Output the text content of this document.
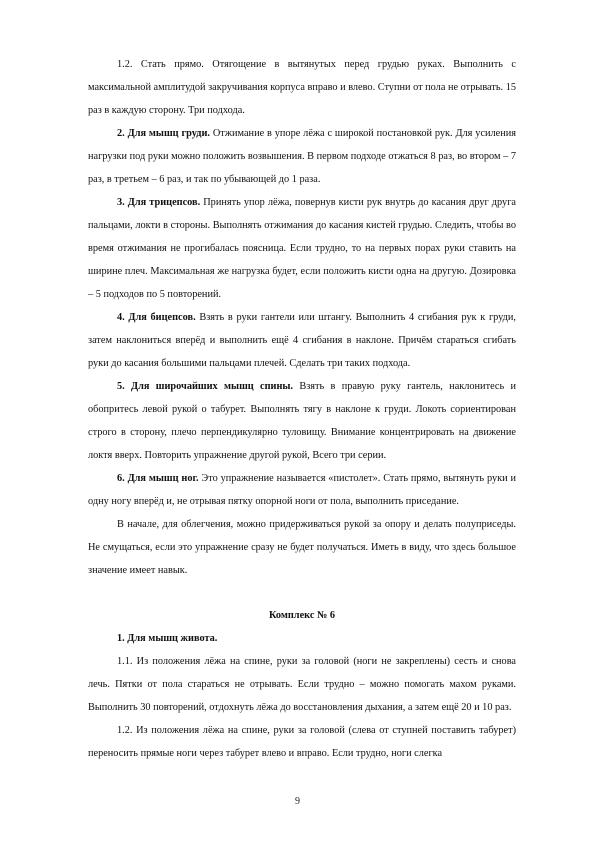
1.2. Стать прямо. Отягощение в вытянутых перед грудью руках. Выполнить с максимальной амплитудой закручивания корпуса вправо и влево. Ступни от пола не отрывать. 15 раз в каждую сторону. Три подхода.

2. Для мышц груди. Отжимание в упоре лёжа с широкой постановкой рук. Для усиления нагрузки под руки можно положить возвышения. В первом подходе отжаться 8 раз, во втором – 7 раз, в третьем – 6 раз, и так по убывающей до 1 раза.

3. Для трицепсов. Принять упор лёжа, повернув кисти рук внутрь до касания друг друга пальцами, локти в стороны. Выполнять отжимания до касания кистей грудью. Следить, чтобы во время отжимания не прогибалась поясница. Если трудно, то на первых порах руки ставить на ширине плеч. Максимальная же нагрузка будет, если положить кисти одна на другую. Дозировка – 5 подходов по 5 повторений.

4. Для бицепсов. Взять в руки гантели или штангу. Выполнить 4 сгибания рук к груди, затем наклониться вперёд и выполнить ещё 4 сгибания в наклоне. Причём стараться сгибать руки до касания большими пальцами плечей. Сделать три таких подхода.

5. Для широчайших мышц спины. Взять в правую руку гантель, наклонитесь и обопритесь левой рукой о табурет. Выполнять тягу в наклоне к груди. Локоть сориентирован строго в сторону, плечо перпендикулярно туловищу. Внимание концентрировать на движение локтя вверх. Повторить упражнение другой рукой, Всего три серии.

6. Для мышц ног. Это упражнение называется «пистолет». Стать прямо, вытянуть руки и одну ногу вперёд и, не отрывая пятку опорной ноги от пола, выполнить приседание.

В начале, для облегчения, можно придерживаться рукой за опору и делать полуприседы. Не смущаться, если это упражнение сразу не будет получаться. Иметь в виду, что здесь большое значение имеет навык.

Комплекс № 6

1. Для мышц живота.

1.1. Из положения лёжа на спине, руки за головой (ноги не закреплены) сесть и снова лечь. Пятки от пола стараться не отрывать. Если трудно – можно помогать махом руками. Выполнить 30 повторений, отдохнуть лёжа до восстановления дыхания, а затем ещё 20 и 10 раз.

1.2. Из положения лёжа на спине, руки за головой (слева от ступней поставить табурет) переносить прямые ноги через табурет влево и вправо. Если трудно, ноги слегка

9
